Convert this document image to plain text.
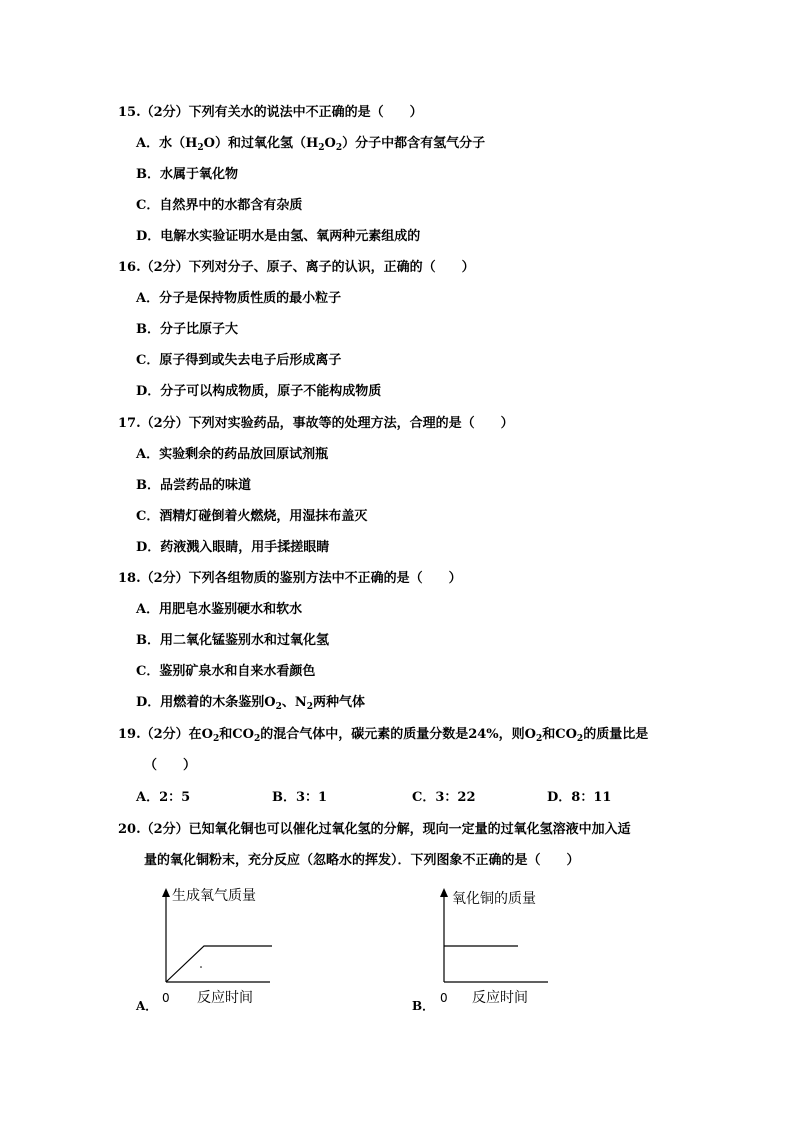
15.（2分）下列有关水的说法中不正确的是（　　）
A．水$(H_2O)$和过氧化氢$(H_2O_2)$分子中都含有氢气分子
B．水属于氧化物
C．自然界中的水都含有杂质
D．电解水实验证明水是由氢、氧两种元素组成的
16.（2分）下列对分子、原子、离子的认识，正确的（　　）
A．分子是保持物质性质的最小粒子
B．分子比原子大
C．原子得到或失去电子后形成离子
D．分子可以构成物质，原子不能构成物质
17.（2分）下列对实验药品，事故等的处理方法，合理的是（　　）
A．实验剩余的药品放回原试剂瓶
B．品尝药品的味道
C．酒精灯碰倒着火燃烧，用湿抹布盖灭
D．药液溅入眼睛，用手揉搓眼睛
18.（2分）下列各组物质的鉴别方法中不正确的是（　　）
A．用肥皂水鉴别硬水和软水
B．用二氧化锰鉴别水和过氧化氢
C．鉴别矿泉水和自来水看颜色
D．用燃着的木条鉴别$O_2$、$N_2$两种气体
19.（2分）在$O_2$和$CO_2$的混合气体中，碳元素的质量分数是24%，则$O_2$和$CO_2$的质量比是
（　　）
A．2：5	B．3：1	C．3：22	D．8：11
20.（2分）已知氧化铜也可以催化过氧化氢的分解，现向一定量的过氧化氢溶液中加入适
量的氧化铜粉末，充分反应（忽略水的挥发）．下列图象不正确的是（　　）
生成氧气质量
0 反应时间
A．
氧化铜的质量
0 反应时间
B．
